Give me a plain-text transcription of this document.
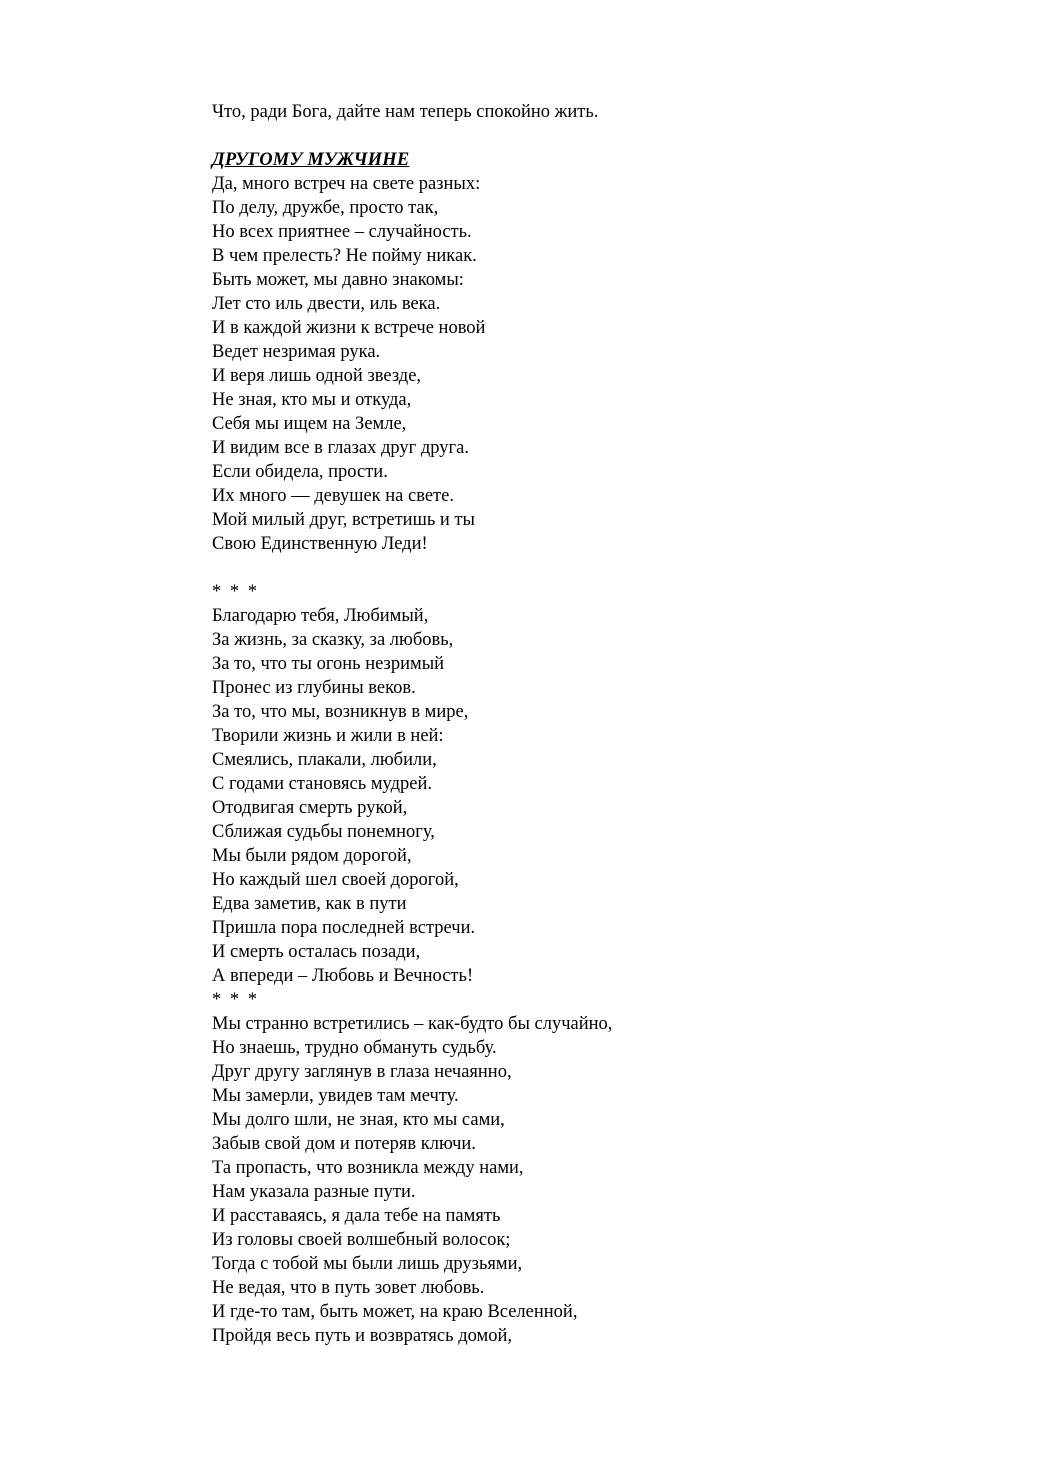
Что, ради Бога, дайте нам теперь спокойно жить.
ДРУГОМУ МУЖЧИНЕ
Да, много встреч на свете разных:
По делу, дружбе, просто так,
Но всех приятнее – случайность.
В чем прелесть? Не пойму никак.
Быть может, мы давно знакомы:
Лет сто иль двести, иль века.
И в каждой жизни к встрече новой
Ведет незримая рука.
И веря лишь одной звезде,
Не зная, кто мы и откуда,
Себя мы ищем на Земле,
И видим все в глазах друг друга.
Если обидела, прости.
Их много — девушек на свете.
Мой милый друг, встретишь и ты
Свою Единственную Леди!
* * *
Благодарю тебя, Любимый,
За жизнь, за сказку, за любовь,
За то, что ты огонь незримый
Пронес из глубины веков.
За то, что мы, возникнув в мире,
Творили жизнь и жили в ней:
Смеялись, плакали, любили,
С годами становясь мудрей.
Отодвигая смерть рукой,
Сближая судьбы понемногу,
Мы были рядом дорогой,
Но каждый шел своей дорогой,
Едва заметив, как в пути
Пришла пора последней встречи.
И смерть осталась позади,
А впереди – Любовь и Вечность!
* * *
Мы странно встретились – как-будто бы случайно,
Но знаешь, трудно обмануть судьбу.
Друг другу заглянув в глаза нечаянно,
Мы замерли, увидев там мечту.
Мы долго шли, не зная, кто мы сами,
Забыв свой дом и потеряв ключи.
Та пропасть, что возникла между нами,
Нам указала разные пути.
И расставаясь, я дала тебе на память
Из головы своей волшебный волосок;
Тогда с тобой мы были лишь друзьями,
Не ведая, что в путь зовет любовь.
И где-то там, быть может, на краю Вселенной,
Пройдя весь путь и возвратясь домой,
